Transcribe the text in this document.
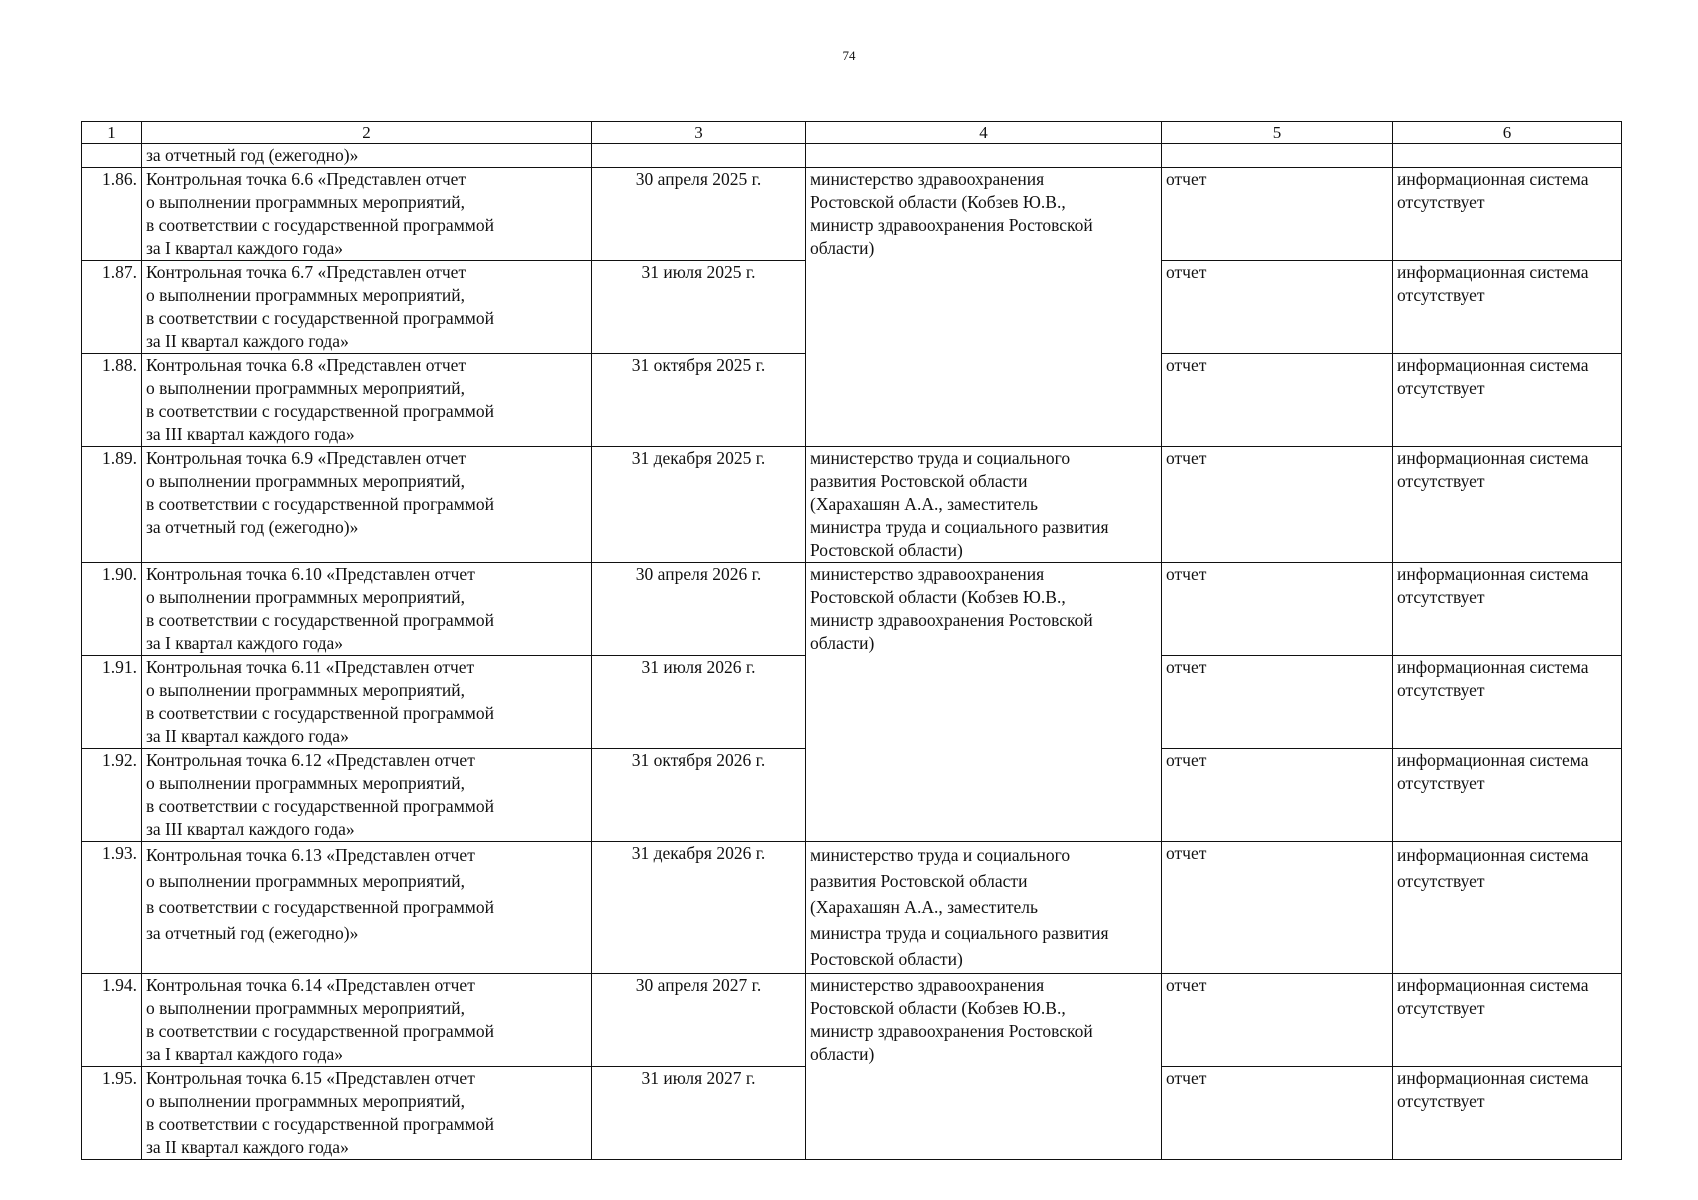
74
1	2	3	4	5	6
	за отчетный год (ежегодно)»				
1.86.	Контрольная точка 6.6 «Представлен отчет
о выполнении программных мероприятий,
в соответствии с государственной программой
за I квартал каждого года»	30 апреля 2025 г.	министерство здравоохранения
Ростовской области (Кобзев Ю.В.,
министр здравоохранения Ростовской
области)	отчет	информационная система
отсутствует
1.87.	Контрольная точка 6.7 «Представлен отчет
о выполнении программных мероприятий,
в соответствии с государственной программой
за II квартал каждого года»	31 июля 2025 г.		отчет	информационная система
отсутствует
1.88.	Контрольная точка 6.8 «Представлен отчет
о выполнении программных мероприятий,
в соответствии с государственной программой
за III квартал каждого года»	31 октября 2025 г.		отчет	информационная система
отсутствует
1.89.	Контрольная точка 6.9 «Представлен отчет
о выполнении программных мероприятий,
в соответствии с государственной программой
за отчетный год (ежегодно)»	31 декабря 2025 г.	министерство труда и социального
развития Ростовской области
(Харахашян А.А., заместитель
министра труда и социального развития
Ростовской области)	отчет	информационная система
отсутствует
1.90.	Контрольная точка 6.10 «Представлен отчет
о выполнении программных мероприятий,
в соответствии с государственной программой
за I квартал каждого года»	30 апреля 2026 г.	министерство здравоохранения
Ростовской области (Кобзев Ю.В.,
министр здравоохранения Ростовской
области)	отчет	информационная система
отсутствует
1.91.	Контрольная точка 6.11 «Представлен отчет
о выполнении программных мероприятий,
в соответствии с государственной программой
за II квартал каждого года»	31 июля 2026 г.		отчет	информационная система
отсутствует
1.92.	Контрольная точка 6.12 «Представлен отчет
о выполнении программных мероприятий,
в соответствии с государственной программой
за III квартал каждого года»	31 октября 2026 г.		отчет	информационная система
отсутствует
1.93.	Контрольная точка 6.13 «Представлен отчет
о выполнении программных мероприятий,
в соответствии с государственной программой
за отчетный год (ежегодно)»	31 декабря 2026 г.	министерство труда и социального
развития Ростовской области
(Харахашян А.А., заместитель
министра труда и социального развития
Ростовской области)	отчет	информационная система
отсутствует
1.94.	Контрольная точка 6.14 «Представлен отчет
о выполнении программных мероприятий,
в соответствии с государственной программой
за I квартал каждого года»	30 апреля 2027 г.	министерство здравоохранения
Ростовской области (Кобзев Ю.В.,
министр здравоохранения Ростовской
области)	отчет	информационная система
отсутствует
1.95.	Контрольная точка 6.15 «Представлен отчет
о выполнении программных мероприятий,
в соответствии с государственной программой
за II квартал каждого года»	31 июля 2027 г.		отчет	информационная система
отсутствует
